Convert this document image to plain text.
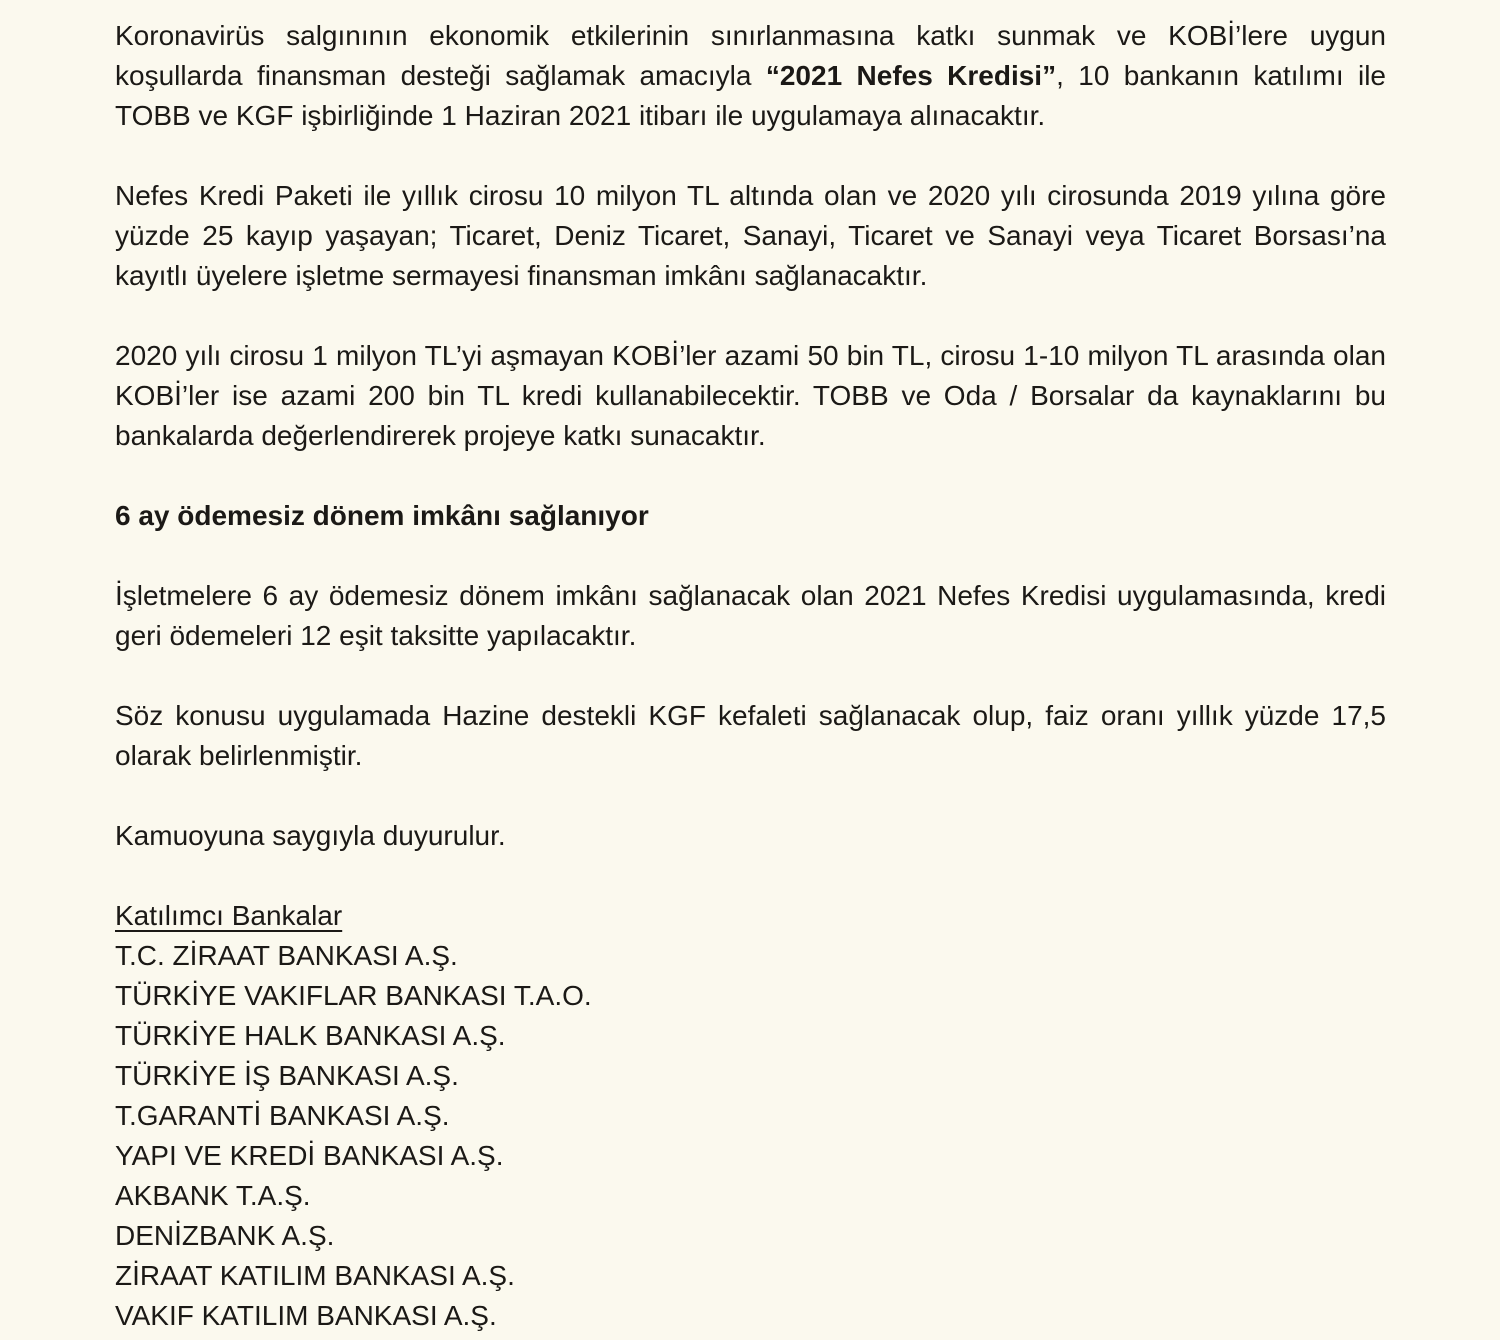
Koronavirüs salgınının ekonomik etkilerinin sınırlanmasına katkı sunmak ve KOBİ’lere uygun koşullarda finansman desteği sağlamak amacıyla “2021 Nefes Kredisi”, 10 bankanın katılımı ile TOBB ve KGF işbirliğinde 1 Haziran 2021 itibarı ile uygulamaya alınacaktır.

Nefes Kredi Paketi ile yıllık cirosu 10 milyon TL altında olan ve 2020 yılı cirosunda 2019 yılına göre yüzde 25 kayıp yaşayan; Ticaret, Deniz Ticaret, Sanayi, Ticaret ve Sanayi veya Ticaret Borsası’na kayıtlı üyelere işletme sermayesi finansman imkânı sağlanacaktır.

2020 yılı cirosu 1 milyon TL’yi aşmayan KOBİ’ler azami 50 bin TL, cirosu 1-10 milyon TL arasında olan KOBİ’ler ise azami 200 bin TL kredi kullanabilecektir. TOBB ve Oda / Borsalar da kaynaklarını bu bankalarda değerlendirerek projeye katkı sunacaktır.

6 ay ödemesiz dönem imkânı sağlanıyor

İşletmelere 6 ay ödemesiz dönem imkânı sağlanacak olan 2021 Nefes Kredisi uygulamasında, kredi geri ödemeleri 12 eşit taksitte yapılacaktır.

Söz konusu uygulamada Hazine destekli KGF kefaleti sağlanacak olup, faiz oranı yıllık yüzde 17,5 olarak belirlenmiştir.

Kamuoyuna saygıyla duyurulur.

Katılımcı Bankalar

T.C. ZİRAAT BANKASI A.Ş.
TÜRKİYE VAKIFLAR BANKASI T.A.O.
TÜRKİYE HALK BANKASI A.Ş.
TÜRKİYE İŞ BANKASI A.Ş.
T.GARANTİ BANKASI A.Ş.
YAPI VE KREDİ BANKASI A.Ş.
AKBANK T.A.Ş.
DENİZBANK A.Ş.
ZİRAAT KATILIM BANKASI A.Ş.
VAKIF KATILIM BANKASI A.Ş.
